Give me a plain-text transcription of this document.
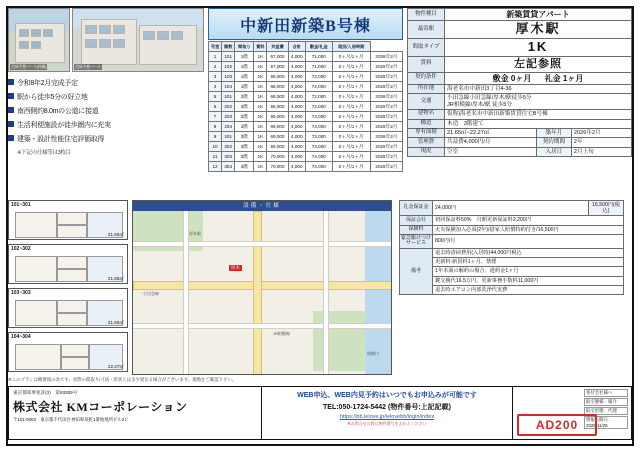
完成予想パース(外観)	完成予想パース
令和8年2月完成予定
駅から徒歩5分の好立地
南西側約8.0mの公道に接道
生活利便施設が徒歩圏内に充実
建築・設計性能住宅評価取得
※下記の仕様等は3枚目
中新田新築B号棟
号室	階数	間取り	賃料	共益費	合計	敷金/礼金	現況/入居時期	
1	101	1階	1K	67,000	4,000	71,000	0ヶ月/1ヶ月	2026年2月
2	102	1階	1K	67,000	4,000	71,000	0ヶ月/1ヶ月	2026年2月
3	103	1階	1K	68,000	4,000	72,000	0ヶ月/1ヶ月	2026年2月
4	104	1階	1K	68,000	4,000	72,000	0ヶ月/1ヶ月	2026年2月
5	201	2階	1K	68,000	4,000	72,000	0ヶ月/1ヶ月	2026年2月
6	202	2階	1K	68,000	4,000	72,000	0ヶ月/1ヶ月	2026年2月
7	203	2階	1K	69,000	4,000	73,000	0ヶ月/1ヶ月	2026年2月
8	204	2階	1K	69,000	4,000	73,000	0ヶ月/1ヶ月	2026年2月
9	301	3階	1K	69,000	4,000	73,000	0ヶ月/1ヶ月	2026年2月
10	302	3階	1K	69,000	4,000	73,000	0ヶ月/1ヶ月	2026年2月
11	303	3階	1K	70,000	4,000	74,000	0ヶ月/1ヶ月	2026年2月
12	304	3階	1K	70,000	4,000	74,000	0ヶ月/1ヶ月	2026年2月
物件種目	新築賃貸アパート		
最寄駅	厚木駅		
間取タイプ	1K		
賃料	左記参照		
契約条件	敷金 0ヶ月 礼金 1ヶ月		
所在地	海老名市中新田3丁目4-36		
交通	小田急線小田急線/厚木/駅徒歩5分
JR相模線/厚木/駅 徒歩5分		

建物名	仮称)海老名市中新田新築賃貸住宅B号棟		
構造	木造　3階建て		
専有面積	21.65㎡~22.27㎡	築年月	2026年2月
管理費	共益費4,000円/月	契約期間	2年
現況	空室	入居日	2月上旬
101~301
21.65㎡
102~302
21.65㎡
103~303
21.65㎡
104~304
22.27㎡
設備・仕様
厚木
厚木駅
小田急線
JR相模線
相模川
※このプランは概要図の為です。実際の間取り/寸法・形状とは多少異なる場合がございます。現地をご確認下さい。
礼金保証金	24,000円	16,500円(税込)
保証会社	初回保証料50%　月額更新保証料2,200円	
保険料	火災保険加入必須(2年)/借家人賠償特約付き/16,500円	
緊急駆けつけサービス	800円/月	
備考	退去時清掃費用(入居時)44,000円税込	
	更新料:新賃料1ヶ月、禁煙	
	1年未満の解約の場合、違約金1ヶ月	
	鍵交換代16.5万円、更新事務手数料11,000円	
	退去時エアコン内部洗浄代実費	
東京都知事免許(3)　第93309号
株式会社 KMコーポレーション
〒101-0003　東京都千代田区神田和泉町1番地地所ビル2Ｆ
WEB申込、WEB内見予約はいつでもお申込みが可能です
TEL:050-1724-5442 (物件番号:上記記載)
https://bb.ielove.jp/ielovebb/login/index
※お問合せの際は物件番号をお伝えください
客付会社様へ
取引態様：媒介
取引形態：代理
情報公開日：2025/11/25
AD200
